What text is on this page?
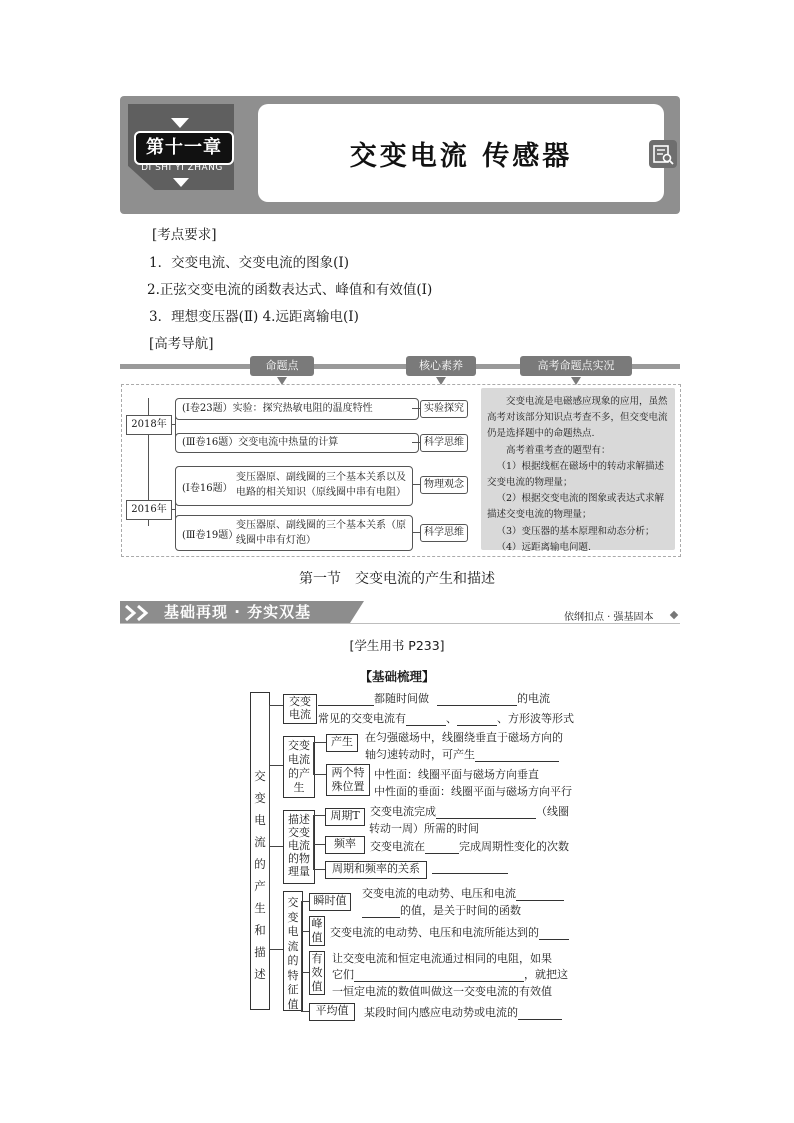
交变电流 传感器
第十一章
DI SHI YI ZHANG
[考点要求]
1．交变电流、交变电流的图象(Ⅰ)
2.正弦交变电流的函数表达式、峰值和有效值(Ⅰ)
3．理想变压器(Ⅱ) 4.远距离输电(Ⅰ)
[高考导航]
命题点	核心素养	高考命题点实况
2018年
2016年
(Ⅰ卷23题）实验：探究热敏电阻的温度特性
(Ⅲ卷16题）交变电流中热量的计算
(Ⅰ卷16题）
变压器原、副线圈的三个基本关系以及电路的相关知识（原线圈中串有电阻）
(Ⅲ卷19题）
变压器原、副线圈的三个基本关系（原线圈中串有灯泡）
实验探究
科学思维
物理观念
科学思维

交变电流是电磁感应现象的应用，虽然高考对该部分知识点考查不多，但交变电流仍是选择题中的命题热点.

高考着重考查的题型有：

（1）根据线框在磁场中的转动求解描述交变电流的物理量；

（2）根据交变电流的图象或表达式求解描述交变电流的物理量；

（3）变压器的基本原理和动态分析；

（4）远距离输电问题.

第一节　交变电流的产生和描述
基础再现 · 夯实双基	依纲扣点 · 强基固本
[学生用书 P233]
【基础梳理】
交变电流的产生和描述
交变电流
都随时间做	的电流
常见的交变电流有	、	、方形波等形式
交变电流的产生
产生	在匀强磁场中，线圈绕垂直于磁场方向的
轴匀速转动时，可产生
两个特殊位置
中性面：线圈平面与磁场方向垂直
中性面的垂面：线圈平面与磁场方向平行
描述交变电流的物理量
周期T 交变电流完成	（线圈
转动一周）所需的时间
频率	交变电流在	完成周期性变化的次数
周期和频率的关系
交变电流的特征值
瞬时值
交变电流的电动势、电压和电流
的值，是关于时间的函数
峰值 交变电流的电动势、电压和电流所能达到的
有效值
让交变电流和恒定电流通过相同的电阻，如果
它们	，就把这
一恒定电流的数值叫做这一交变电流的有效值
平均值	某段时间内感应电动势或电流的
